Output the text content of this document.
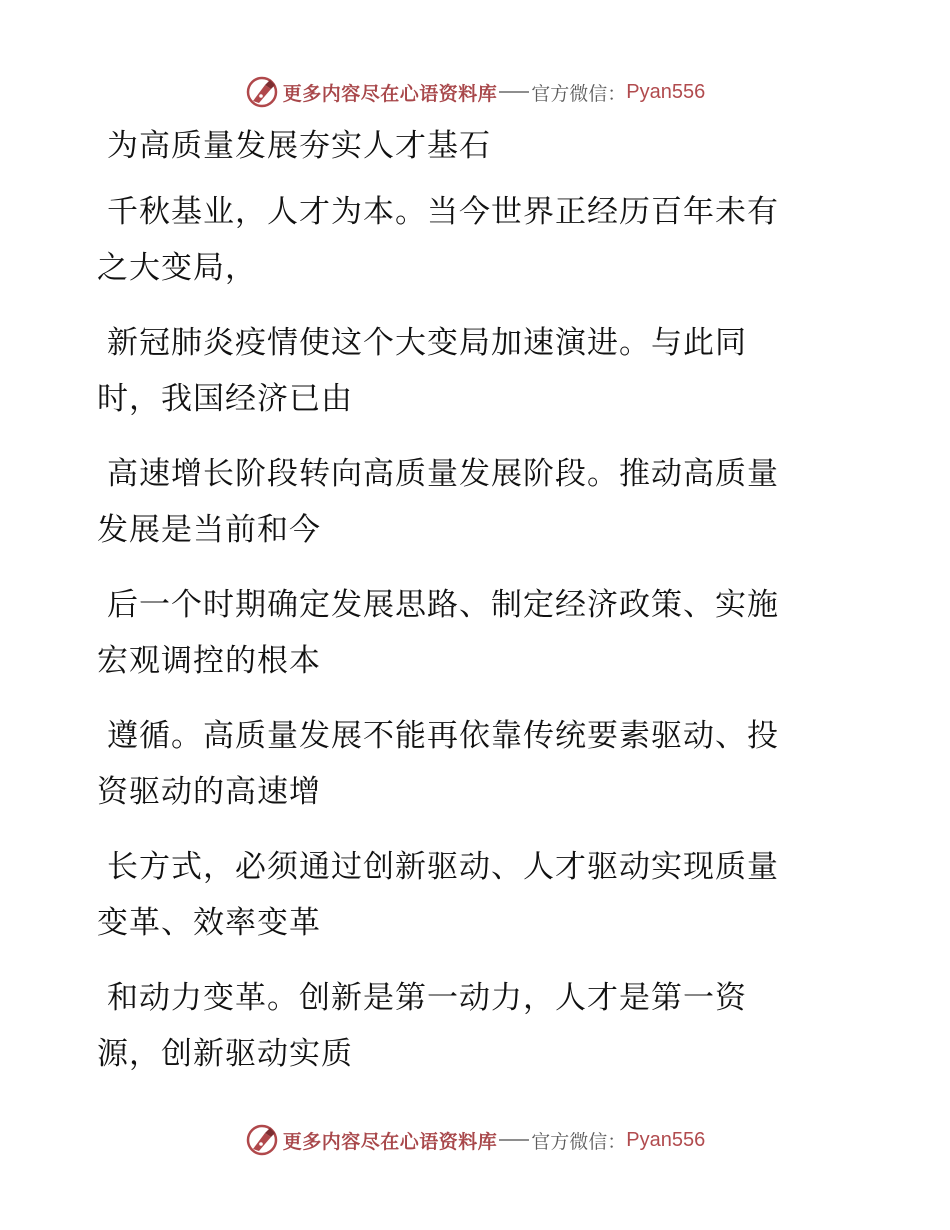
更多内容尽在心语资料库 官方微信： Pyan556
为高质量发展夯实人才基石
千秋基业，人才为本。当今世界正经历百年未有
之大变局，
新冠肺炎疫情使这个大变局加速演进。与此同
时，我国经济已由
高速增长阶段转向高质量发展阶段。推动高质量
发展是当前和今
后一个时期确定发展思路、制定经济政策、实施
宏观调控的根本
遵循。高质量发展不能再依靠传统要素驱动、投
资驱动的高速增
长方式，必须通过创新驱动、人才驱动实现质量
变革、效率变革
和动力变革。创新是第一动力，人才是第一资
源，创新驱动实质
更多内容尽在心语资料库 官方微信： Pyan556
